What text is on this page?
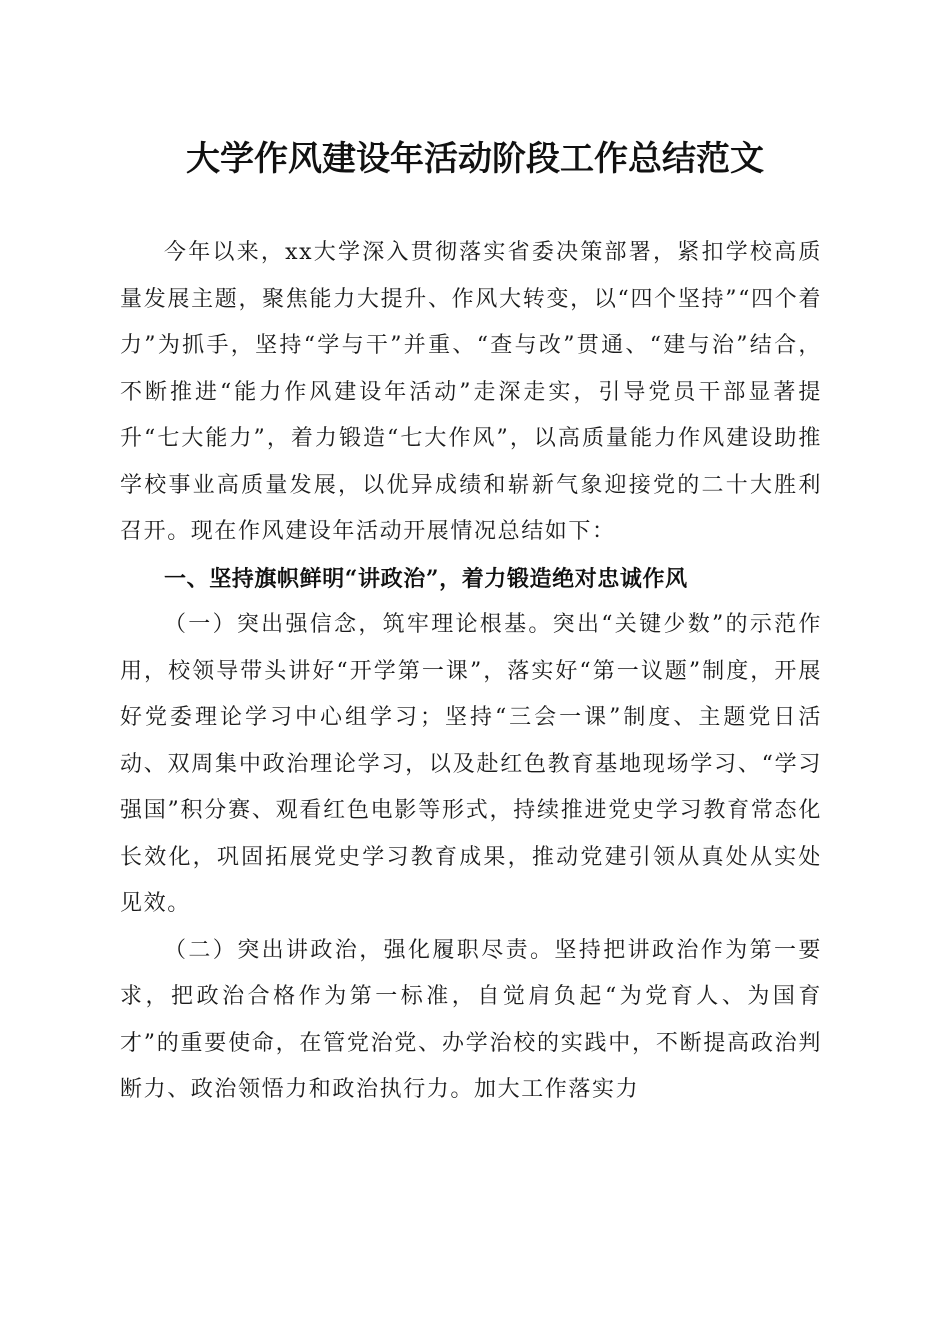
大学作风建设年活动阶段工作总结范文

今年以来，xx大学深入贯彻落实省委决策部署，紧扣学校高质量发展主题，聚焦能力大提升、作风大转变，以“四个坚持”“四个着力”为抓手，坚持“学与干”并重、“查与改”贯通、“建与治”结合，不断推进“能力作风建设年活动”走深走实，引导党员干部显著提升“七大能力”，着力锻造“七大作风”，以高质量能力作风建设助推学校事业高质量发展，以优异成绩和崭新气象迎接党的二十大胜利召开。现在作风建设年活动开展情况总结如下：

一、坚持旗帜鲜明“讲政治”，着力锻造绝对忠诚作风

（一）突出强信念，筑牢理论根基。突出“关键少数”的示范作用，校领导带头讲好“开学第一课”，落实好“第一议题”制度，开展好党委理论学习中心组学习；坚持“三会一课”制度、主题党日活动、双周集中政治理论学习，以及赴红色教育基地现场学习、“学习强国”积分赛、观看红色电影等形式，持续推进党史学习教育常态化长效化，巩固拓展党史学习教育成果，推动党建引领从真处从实处见效。

（二）突出讲政治，强化履职尽责。坚持把讲政治作为第一要求，把政治合格作为第一标准，自觉肩负起“为党育人、为国育才”的重要使命，在管党治党、办学治校的实践中，不断提高政治判断力、政治领悟力和政治执行力。加大工作落实力
